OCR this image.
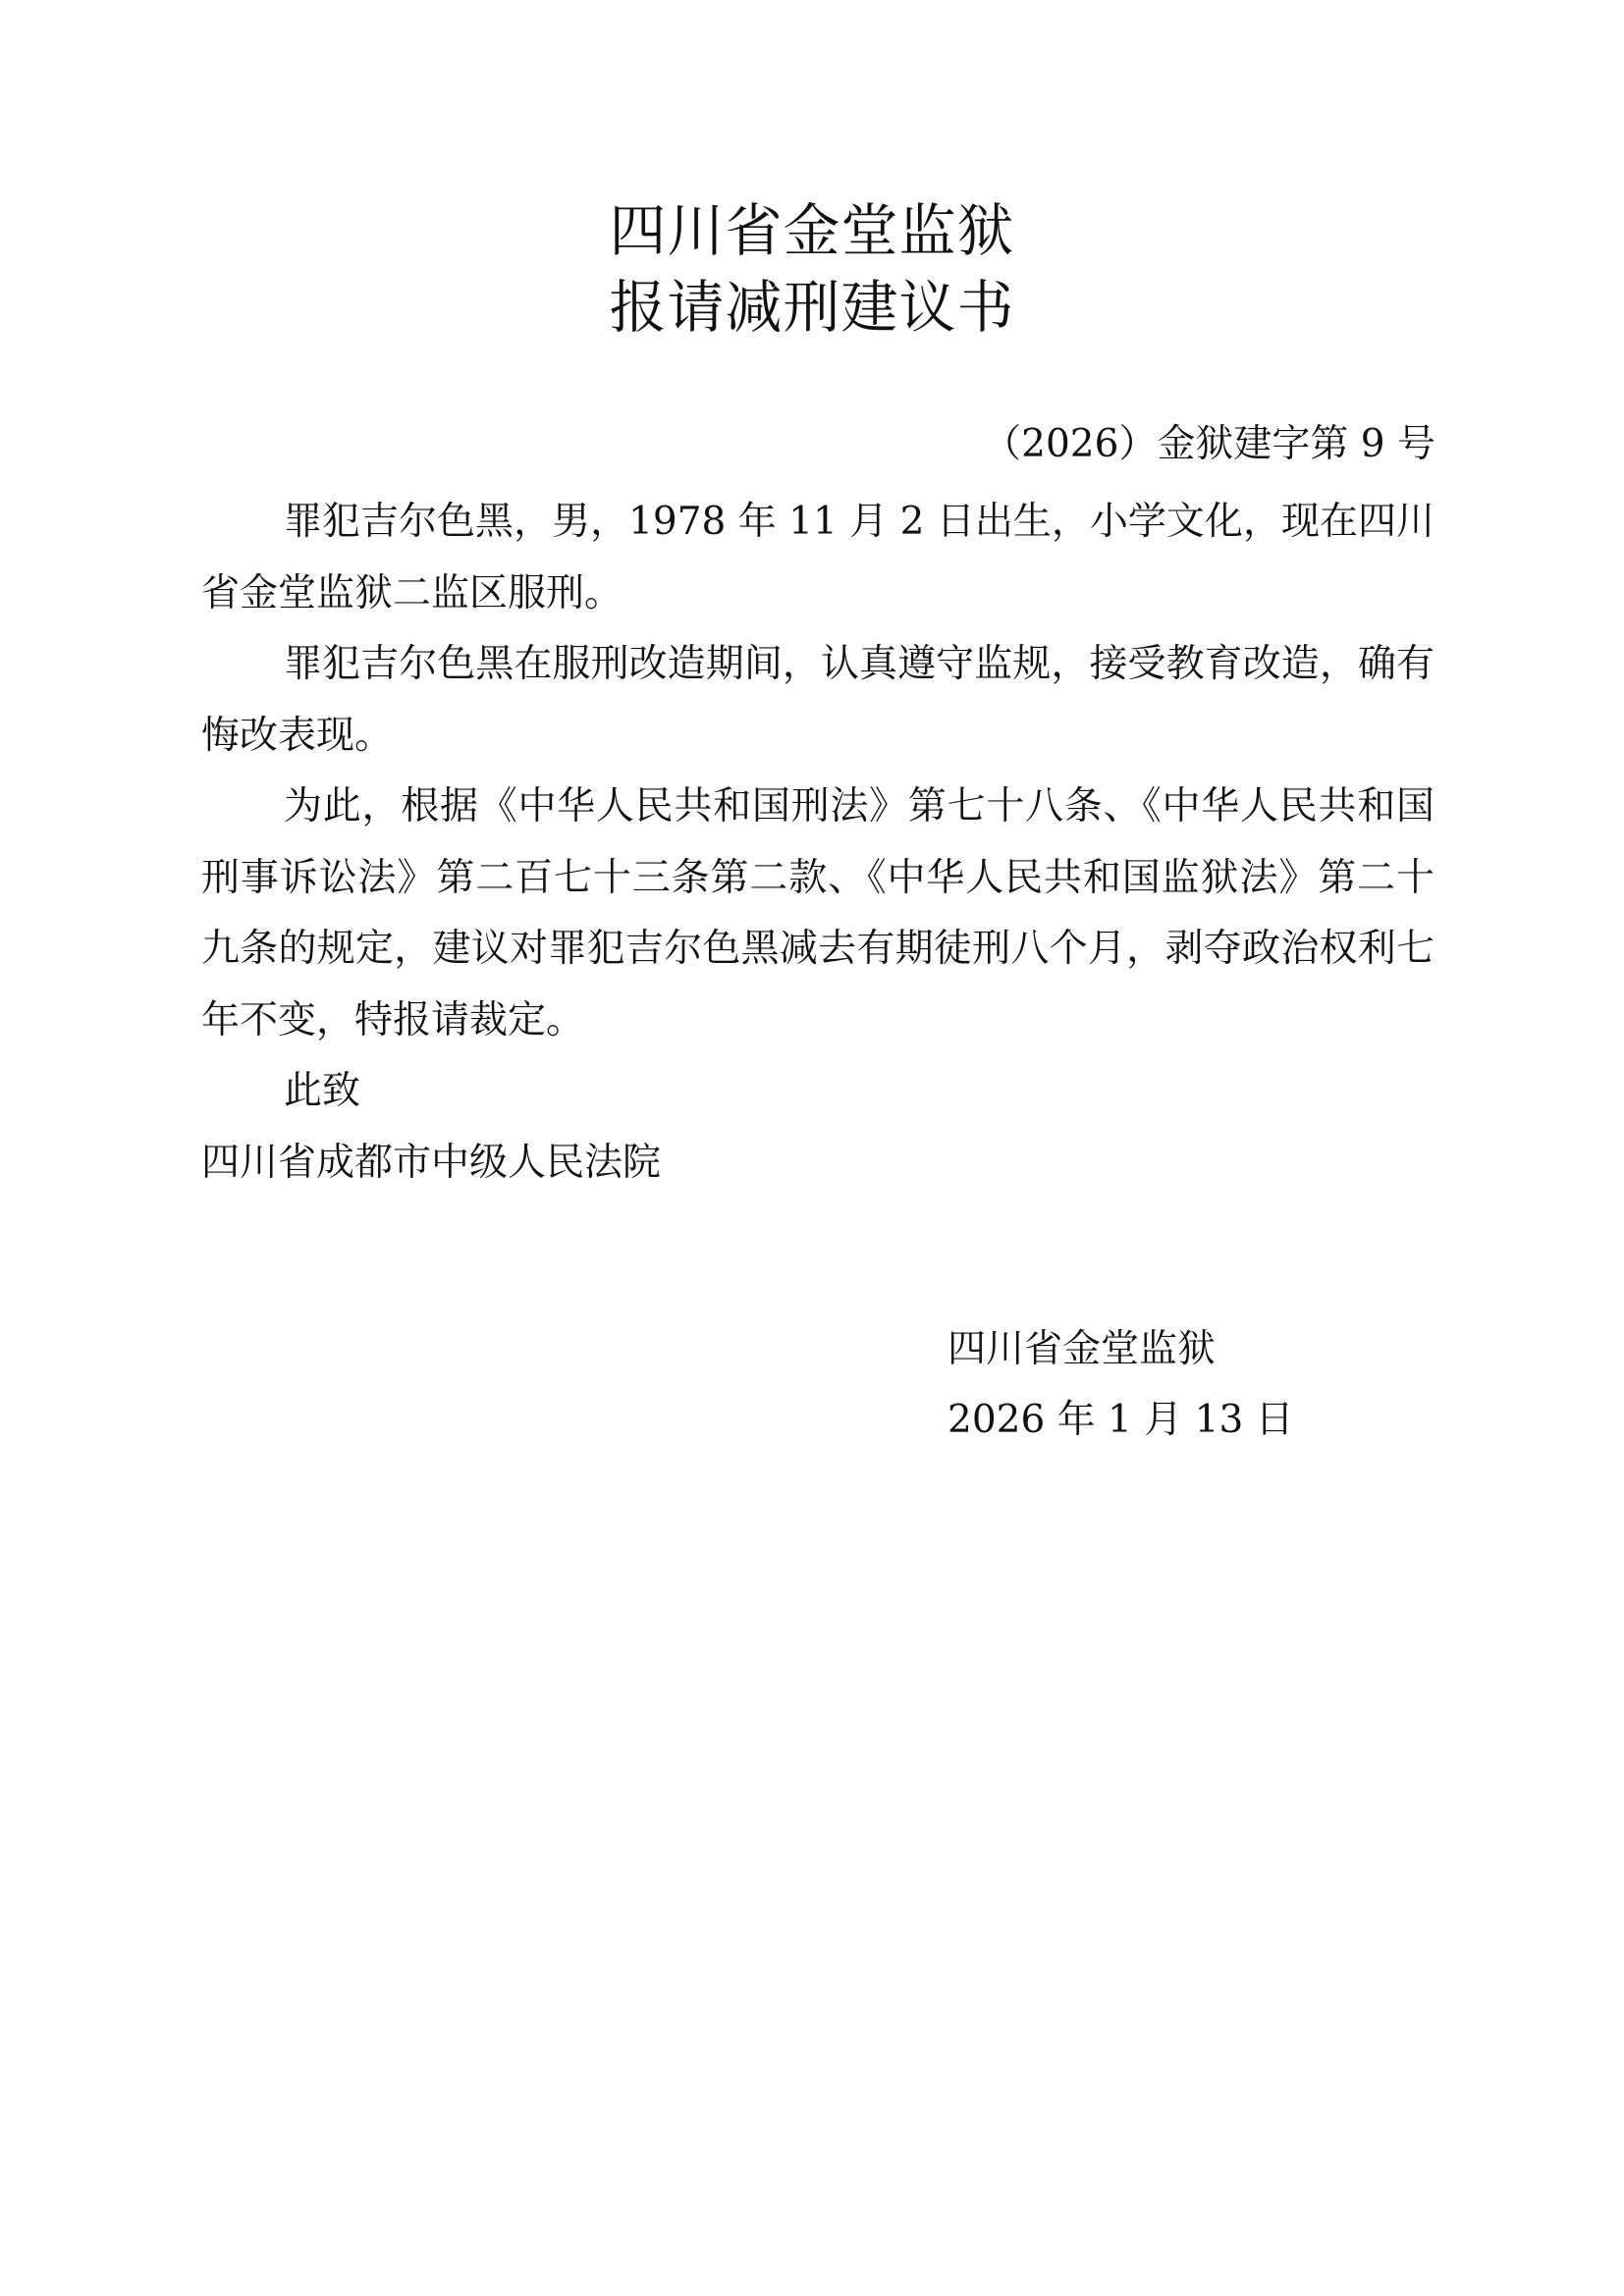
四川省金堂监狱
报请减刑建议书
（2026）金狱建字第 9 号

罪犯吉尔色黑，男，1978 年 11 月 2 日出生，小学文化，现在四川省金堂监狱二监区服刑。

罪犯吉尔色黑在服刑改造期间，认真遵守监规，接受教育改造，确有悔改表现。

为此，根据《中华人民共和国刑法》第七十八条、《中华人民共和国刑事诉讼法》第二百七十三条第二款、《中华人民共和国监狱法》第二十九条的规定，建议对罪犯吉尔色黑减去有期徒刑八个月，剥夺政治权利七年不变，特报请裁定。

此致

四川省成都市中级人民法院

四川省金堂监狱
2026 年 1 月 13 日
